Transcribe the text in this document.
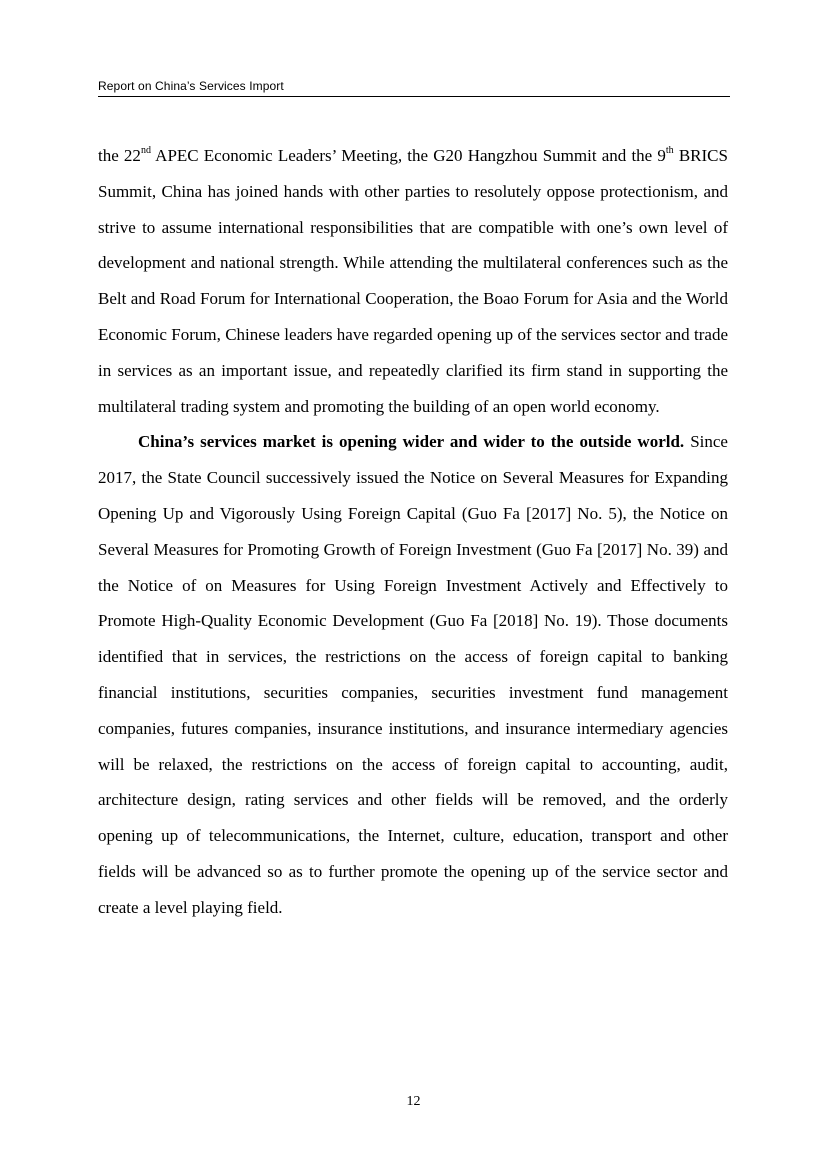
Report on China’s Services Import

the 22nd APEC Economic Leaders’ Meeting, the G20 Hangzhou Summit and the 9th BRICS Summit, China has joined hands with other parties to resolutely oppose protectionism, and strive to assume international responsibilities that are compatible with one’s own level of development and national strength. While attending the multilateral conferences such as the Belt and Road Forum for International Cooperation, the Boao Forum for Asia and the World Economic Forum, Chinese leaders have regarded opening up of the services sector and trade in services as an important issue, and repeatedly clarified its firm stand in supporting the multilateral trading system and promoting the building of an open world economy.

China’s services market is opening wider and wider to the outside world. Since 2017, the State Council successively issued the Notice on Several Measures for Expanding Opening Up and Vigorously Using Foreign Capital (Guo Fa [2017] No. 5), the Notice on Several Measures for Promoting Growth of Foreign Investment (Guo Fa [2017] No. 39) and the Notice of on Measures for Using Foreign Investment Actively and Effectively to Promote High-Quality Economic Development (Guo Fa [2018] No. 19). Those documents identified that in services, the restrictions on the access of foreign capital to banking financial institutions, securities companies, securities investment fund management companies, futures companies, insurance institutions, and insurance intermediary agencies will be relaxed, the restrictions on the access of foreign capital to accounting, audit, architecture design, rating services and other fields will be removed, and the orderly opening up of telecommunications, the Internet, culture, education, transport and other fields will be advanced so as to further promote the opening up of the service sector and create a level playing field.

12
